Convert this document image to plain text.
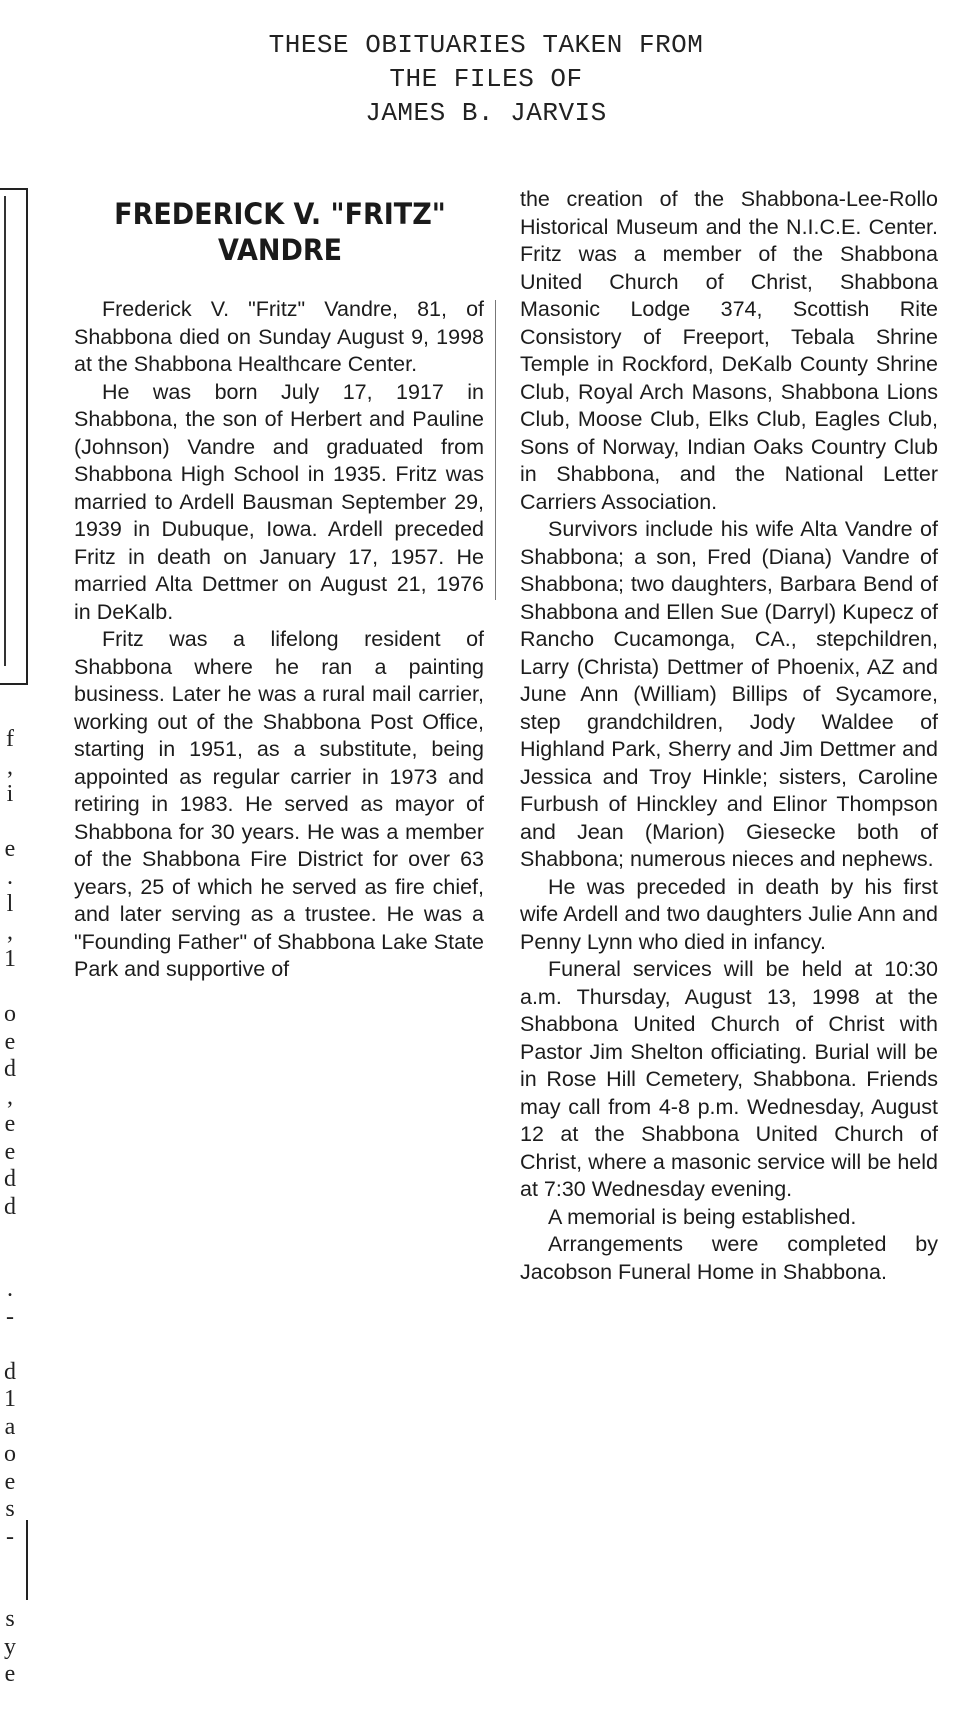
THESE OBITUARIES TAKEN FROM
THE FILES OF
JAMES B. JARVIS
f
,
i
e
.
l
,
1
o
e
d
,
e
e
d
d
.
-
d
1
a
o
e
s
-
s
y
e
FREDERICK V. "FRITZ"
VANDRE

Frederick V. "Fritz" Vandre, 81, of Shabbona died on Sunday August 9, 1998 at the Shabbona Healthcare Center.

He was born July 17, 1917 in Shabbona, the son of Herbert and Pauline (Johnson) Vandre and graduated from Shabbona High School in 1935. Fritz was married to Ardell Bausman September 29, 1939 in Dubuque, Iowa. Ardell preceded Fritz in death on January 17, 1957. He married Alta Dettmer on August 21, 1976 in DeKalb.

Fritz was a lifelong resident of Shabbona where he ran a painting business. Later he was a rural mail carrier, working out of the Shabbona Post Office, starting in 1951, as a substitute, being appointed as regular carrier in 1973 and retiring in 1983. He served as mayor of Shabbona for 30 years. He was a member of the Shabbona Fire District for over 63 years, 25 of which he served as fire chief, and later serving as a trustee. He was a "Founding Father" of Shabbona Lake State Park and supportive of

the creation of the Shabbona-Lee-Rollo Historical Museum and the N.I.C.E. Center. Fritz was a member of the Shabbona United Church of Christ, Shabbona Masonic Lodge 374, Scottish Rite Consistory of Freeport, Tebala Shrine Temple in Rockford, DeKalb County Shrine Club, Royal Arch Masons, Shabbona Lions Club, Moose Club, Elks Club, Eagles Club, Sons of Norway, Indian Oaks Country Club in Shabbona, and the National Letter Carriers Association.

Survivors include his wife Alta Vandre of Shabbona; a son, Fred (Diana) Vandre of Shabbona; two daughters, Barbara Bend of Shabbona and Ellen Sue (Darryl) Kupecz of Rancho Cucamonga, CA., stepchildren, Larry (Christa) Dettmer of Phoenix, AZ and June Ann (William) Billips of Sycamore, step grandchildren, Jody Waldee of Highland Park, Sherry and Jim Dettmer and Jessica and Troy Hinkle; sisters, Caroline Furbush of Hinckley and Elinor Thompson and Jean (Marion) Giesecke both of Shabbona; numerous nieces and nephews.

He was preceded in death by his first wife Ardell and two daughters Julie Ann and Penny Lynn who died in infancy.

Funeral services will be held at 10:30 a.m. Thursday, August 13, 1998 at the Shabbona United Church of Christ with Pastor Jim Shelton officiating. Burial will be in Rose Hill Cemetery, Shabbona. Friends may call from 4-8 p.m. Wednesday, August 12 at the Shabbona United Church of Christ, where a masonic service will be held at 7:30 Wednesday evening.

A memorial is being established.

Arrangements were completed by Jacobson Funeral Home in Shabbona.
